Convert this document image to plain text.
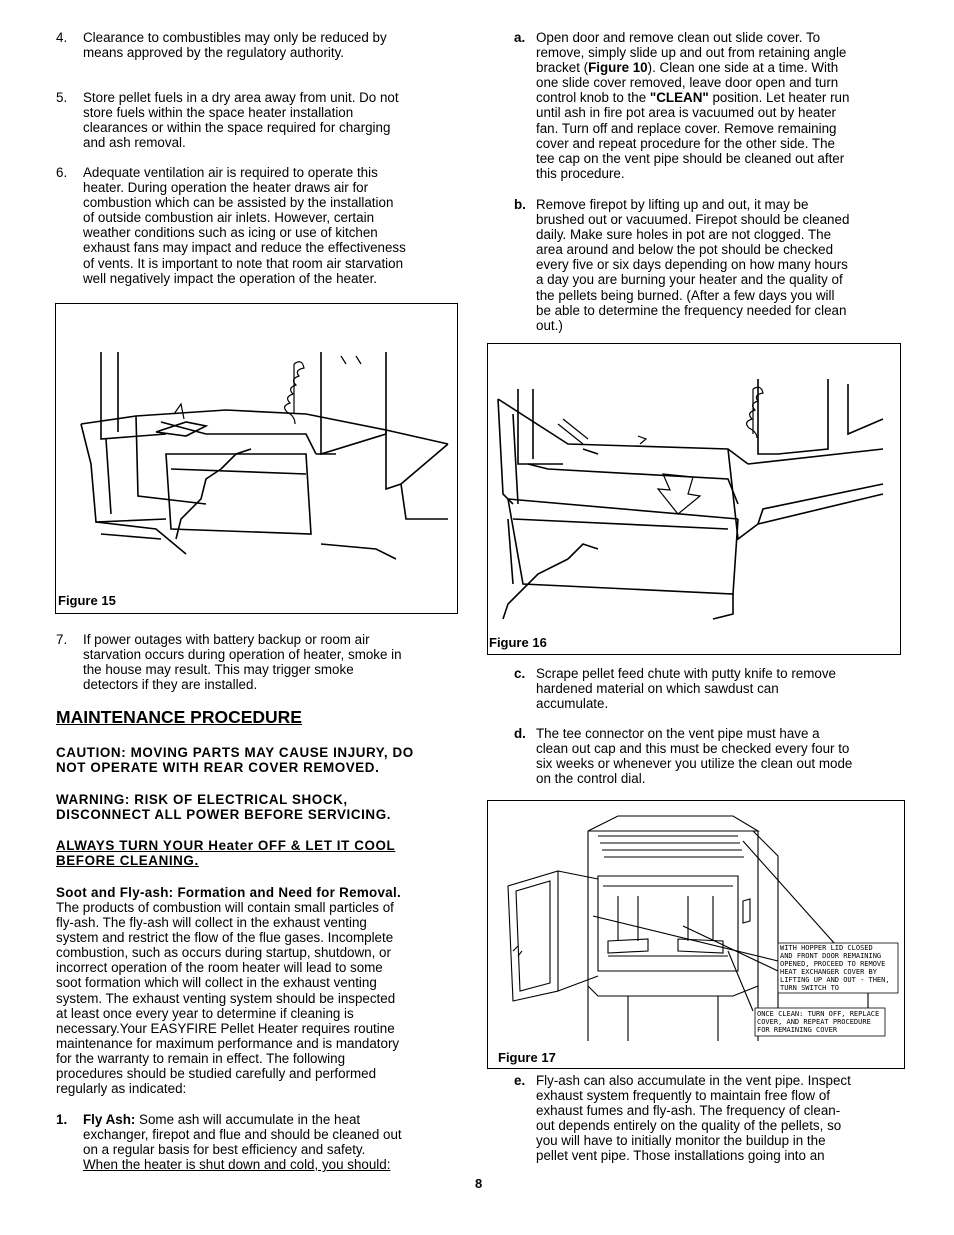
4. Clearance to combustibles may only be reduced by
means approved by the regulatory authority.
5. Store pellet fuels in a dry area away from unit. Do not
store fuels within the space heater installation
clearances or within the space required for charging
and ash removal.
6. Adequate ventilation air is required to operate this
heater. During operation the heater draws air for
combustion which can be assisted by the installation
of outside combustion air inlets. However, certain
weather conditions such as icing or use of kitchen
exhaust fans may impact and reduce the effectiveness
of vents. It is important to note that room air starvation
well negatively impact the operation of the heater.
Figure 15
7. If power outages with battery backup or room air
starvation occurs during operation of heater, smoke in
the house may result. This may trigger smoke
detectors if they are installed.
MAINTENANCE PROCEDURE
CAUTION: MOVING PARTS MAY CAUSE INJURY, DO
NOT OPERATE WITH REAR COVER REMOVED.
WARNING: RISK OF ELECTRICAL SHOCK,
DISCONNECT ALL POWER BEFORE SERVICING.
ALWAYS TURN YOUR Heater OFF & LET IT COOL
BEFORE CLEANING.
Soot and Fly-ash: Formation and Need for Removal.
The products of combustion will contain small particles of
fly-ash. The fly-ash will collect in the exhaust venting
system and restrict the flow of the flue gases. Incomplete
combustion, such as occurs during startup, shutdown, or
incorrect operation of the room heater will lead to some
soot formation which will collect in the exhaust venting
system. The exhaust venting system should be inspected
at least once every year to determine if cleaning is
necessary.Your EASYFIRE Pellet Heater requires routine
maintenance for maximum performance and is mandatory
for the warranty to remain in effect. The following
procedures should be studied carefully and performed
regularly as indicated:
1. Fly Ash: Some ash will accumulate in the heat
exchanger, firepot and flue and should be cleaned out
on a regular basis for best efficiency and safety.
When the heater is shut down and cold, you should:
a. Open door and remove clean out slide cover. To
remove, simply slide up and out from retaining angle
bracket (Figure 10). Clean one side at a time. With
one slide cover removed, leave door open and turn
control knob to the "CLEAN" position. Let heater run
until ash in fire pot area is vacuumed out by heater
fan. Turn off and replace cover. Remove remaining
cover and repeat procedure for the other side. The
tee cap on the vent pipe should be cleaned out after
this procedure.
b. Remove firepot by lifting up and out, it may be
brushed out or vacuumed. Firepot should be cleaned
daily. Make sure holes in pot are not clogged. The
area around and below the pot should be checked
every five or six days depending on how many hours
a day you are burning your heater and the quality of
the pellets being burned. (After a few days you will
be able to determine the frequency needed for clean
out.)
Figure 16
c. Scrape pellet feed chute with putty knife to remove
hardened material on which sawdust can
accumulate.
d. The tee connector on the vent pipe must have a
clean out cap and this must be checked every four to
six weeks or whenever you utilize the clean out mode
on the control dial.
WITH HOPPER LID CLOSED
AND FRONT DOOR REMAINING
OPENED, PROCEED TO REMOVE
HEAT EXCHANGER COVER BY
LIFTING UP AND OUT - THEN,
TURN SWITCH TO
ONCE CLEAN: TURN OFF, REPLACE
COVER, AND REPEAT PROCEDURE
FOR REMAINING COVER
Figure 17
e. Fly-ash can also accumulate in the vent pipe. Inspect
exhaust system frequently to maintain free flow of
exhaust fumes and fly-ash. The frequency of clean-
out depends entirely on the quality of the pellets, so
you will have to initially monitor the buildup in the
pellet vent pipe. Those installations going into an
8
